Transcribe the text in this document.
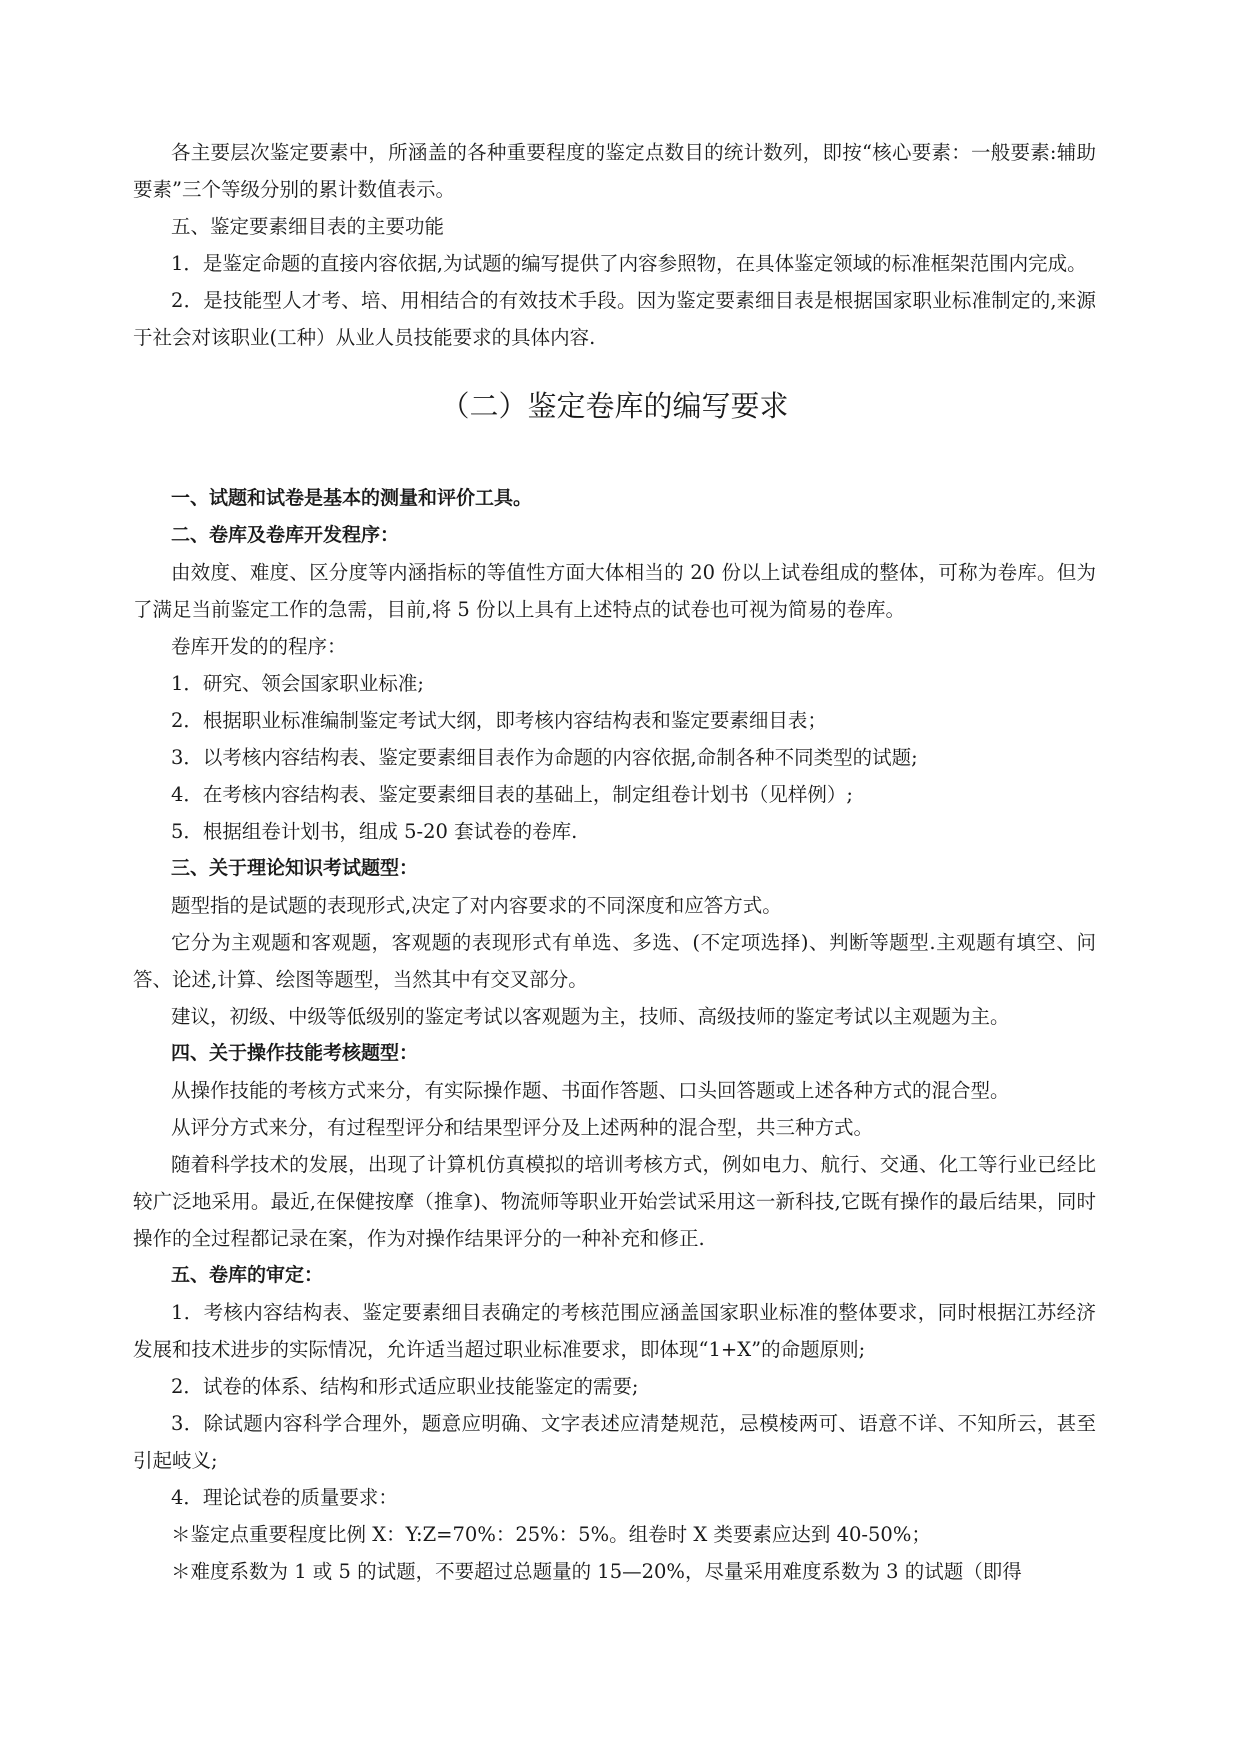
各主要层次鉴定要素中，所涵盖的各种重要程度的鉴定点数目的统计数列，即按“核心要素：一般要素:辅助要素”三个等级分别的累计数值表示。

五、鉴定要素细目表的主要功能

1．是鉴定命题的直接内容依据,为试题的编写提供了内容参照物，在具体鉴定领域的标准框架范围内完成。

2．是技能型人才考、培、用相结合的有效技术手段。因为鉴定要素细目表是根据国家职业标准制定的,来源于社会对该职业(工种）从业人员技能要求的具体内容.

（二）鉴定卷库的编写要求

一、试题和试卷是基本的测量和评价工具。

二、卷库及卷库开发程序：

由效度、难度、区分度等内涵指标的等值性方面大体相当的 20 份以上试卷组成的整体，可称为卷库。但为了满足当前鉴定工作的急需，目前,将 5 份以上具有上述特点的试卷也可视为简易的卷库。

卷库开发的的程序：

1．研究、领会国家职业标准;

2．根据职业标准编制鉴定考试大纲，即考核内容结构表和鉴定要素细目表；

3．以考核内容结构表、鉴定要素细目表作为命题的内容依据,命制各种不同类型的试题;

4．在考核内容结构表、鉴定要素细目表的基础上，制定组卷计划书（见样例）;

5．根据组卷计划书，组成 5-20 套试卷的卷库.

三、关于理论知识考试题型：

题型指的是试题的表现形式,决定了对内容要求的不同深度和应答方式。

它分为主观题和客观题，客观题的表现形式有单选、多选、(不定项选择)、判断等题型.主观题有填空、问答、论述,计算、绘图等题型，当然其中有交叉部分。

建议，初级、中级等低级别的鉴定考试以客观题为主，技师、高级技师的鉴定考试以主观题为主。

四、关于操作技能考核题型：

从操作技能的考核方式来分，有实际操作题、书面作答题、口头回答题或上述各种方式的混合型。

从评分方式来分，有过程型评分和结果型评分及上述两种的混合型，共三种方式。

随着科学技术的发展，出现了计算机仿真模拟的培训考核方式，例如电力、航行、交通、化工等行业已经比较广泛地采用。最近,在保健按摩（推拿)、物流师等职业开始尝试采用这一新科技,它既有操作的最后结果，同时操作的全过程都记录在案，作为对操作结果评分的一种补充和修正.

五、卷库的审定：

1．考核内容结构表、鉴定要素细目表确定的考核范围应涵盖国家职业标准的整体要求，同时根据江苏经济发展和技术进步的实际情况，允许适当超过职业标准要求，即体现“1+X”的命题原则;

2．试卷的体系、结构和形式适应职业技能鉴定的需要;

3．除试题内容科学合理外，题意应明确、文字表述应清楚规范，忌模棱两可、语意不详、不知所云，甚至引起岐义;

4．理论试卷的质量要求：

＊鉴定点重要程度比例 X：Y:Z=70%：25%：5%。组卷时 X 类要素应达到 40-50%；

＊难度系数为 1 或 5 的试题，不要超过总题量的 15—20%，尽量采用难度系数为 3 的试题（即得
